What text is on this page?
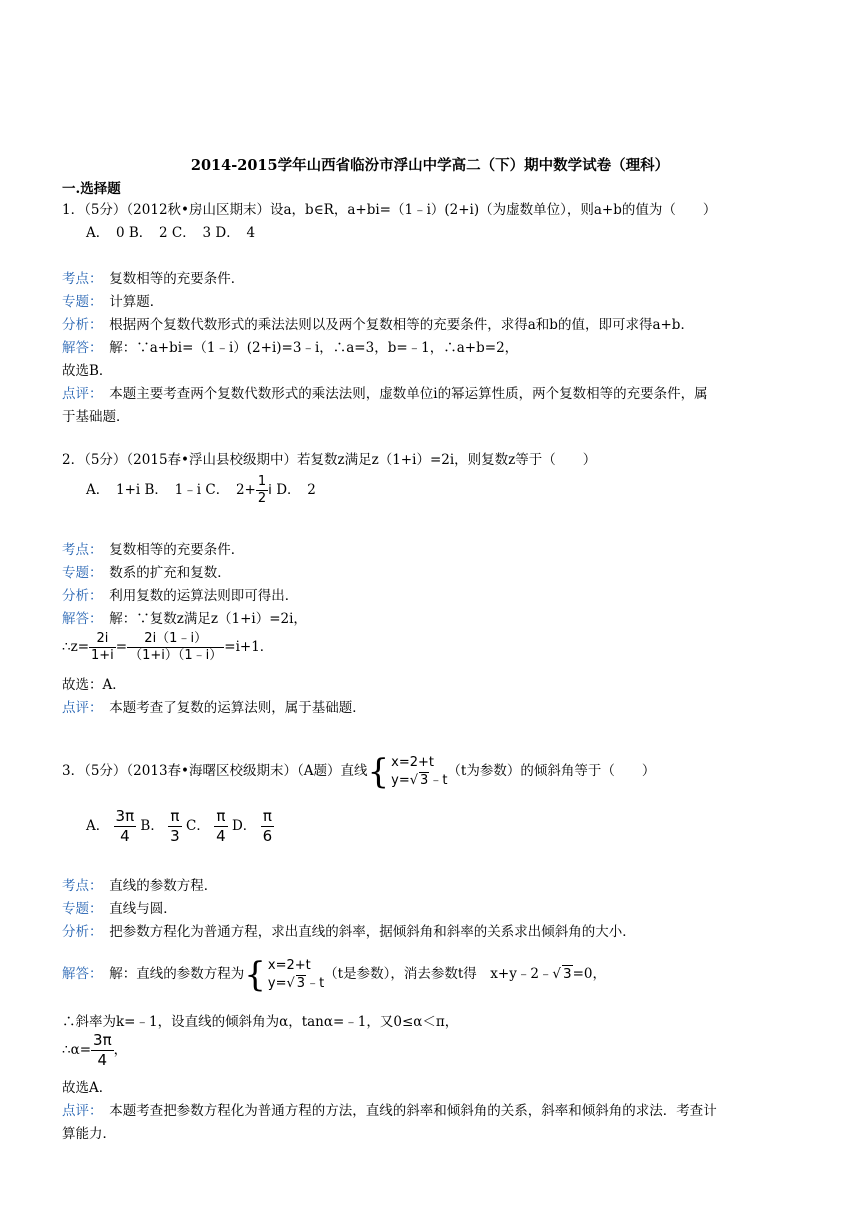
2014-2015学年山西省临汾市浮山中学高二（下）期中数学试卷（理科）
一.选择题
1．（5分）（2012秋•房山区期末）设a，b∈R，a+bi=（1﹣i）(2+i)（为虚数单位），则a+b的值为（　　）
A．　0 B．　2 C．　3 D．　4
考点：　 复数相等的充要条件．
专题：　 计算题．
分析：　 根据两个复数代数形式的乘法法则以及两个复数相等的充要条件，求得a和b的值，即可求得a+b．
解答：　 解：∵a+bi=（1﹣i）(2+i)=3﹣i，∴a=3，b=﹣1，∴a+b=2，
故选B．
点评：　 本题主要考查两个复数代数形式的乘法法则，虚数单位i的幂运算性质，两个复数相等的充要条件，属
于基础题．
2．（5分）（2015春•浮山县校级期中）若复数z满足z（1+i）=2i，则复数z等于（　　）
A．　1+i B．　1﹣i C．　$2+ \frac{1}{2}$ i D．　2
考点：　 复数相等的充要条件．
专题：　 数系的扩充和复数．
分析：　 利用复数的运算法则即可得出．
解答：　 解：∵复数z满足z（1+i）=2i，
∴z= $\frac{2i}{1+i} = \frac{2i(1﹣i)}{(1+i)(1﹣i)} =i+1$．
故选：A．
点评：　 本题考查了复数的运算法则，属于基础题．
3．（5分）（2013春•海曙区校级期末）（A题）直线 { x=2+t
y=√ 3﹣t
（t为参数）的倾斜角等于（　　）
A． $\frac{3\pi}{4}$ B． $\frac{\pi}{3}$ C． $\frac{\pi}{4}$ D． $\frac{\pi}{6}$
考点：　 直线的参数方程．
专题：　 直线与圆．
分析：　 把参数方程化为普通方程，求出直线的斜率，据倾斜角和斜率的关系求出倾斜角的大小．
解答：　 解：直线的参数方程为 { x=2+t
y=√ 3﹣t
（t是参数），消去参数t得　x+y﹣2﹣√ 3=0，
∴斜率为k=﹣1，设直线的倾斜角为α，tanα=﹣1，又0≤α＜π，
∴α= $\frac{3\pi}{4}$ ，
故选A．
点评：　 本题考查把参数方程化为普通方程的方法，直线的斜率和倾斜角的关系，斜率和倾斜角的求法．考查计
算能力．
